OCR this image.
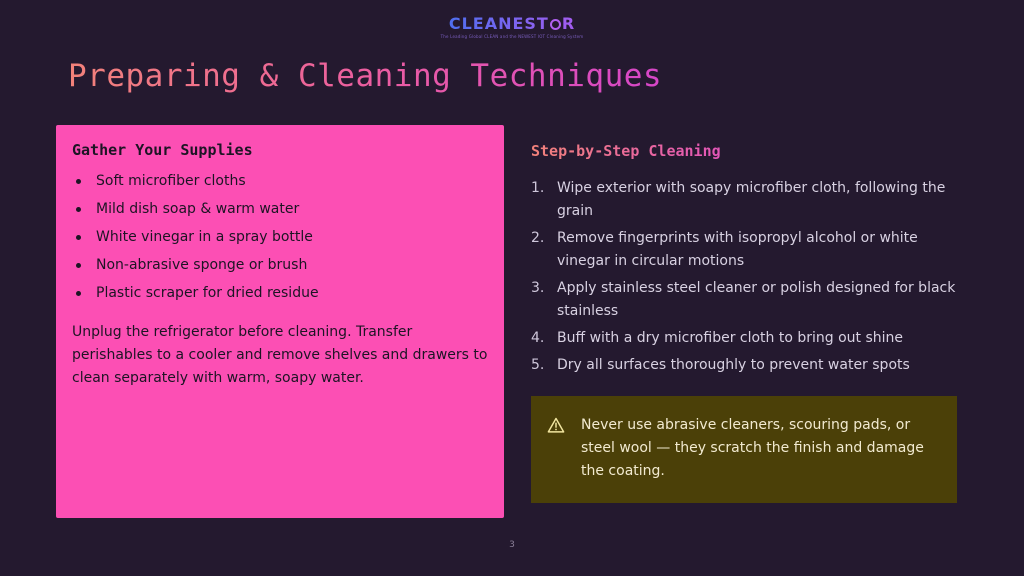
CLEANEST R
The Leading Global CLEAN and the NEWEST IOT Cleaning System
Preparing & Cleaning Techniques
Gather Your Supplies
Soft microfiber cloths
Mild dish soap & warm water
White vinegar in a spray bottle
Non-abrasive sponge or brush
Plastic scraper for dried residue

Unplug the refrigerator before cleaning. Transfer perishables to a cooler and remove shelves and drawers to clean separately with warm, soapy water.

Step-by-Step Cleaning
1. Wipe exterior with soapy microfiber cloth, following the grain
2. Remove fingerprints with isopropyl alcohol or white vinegar in circular motions
3. Apply stainless steel cleaner or polish designed for black stainless
4. Buff with a dry microfiber cloth to bring out shine
5. Dry all surfaces thoroughly to prevent water spots

Never use abrasive cleaners, scouring pads, or steel wool — they scratch the finish and damage the coating.

3
